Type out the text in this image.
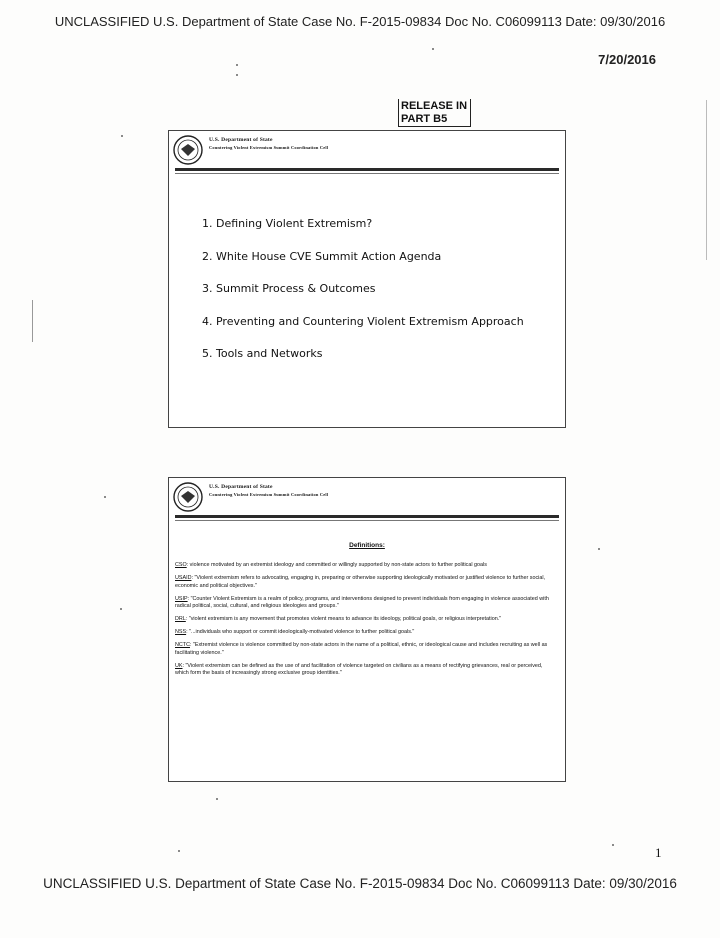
UNCLASSIFIED U.S. Department of State Case No. F-2015-09834 Doc No. C06099113 Date: 09/30/2016
7/20/2016
RELEASE IN
PART B5
U.S. Department of State
Countering Violent Extremism Summit Coordination Cell
1. Defining Violent Extremism?
2. White House CVE Summit Action Agenda
3. Summit Process & Outcomes
4. Preventing and Countering Violent Extremism Approach
5. Tools and Networks
U.S. Department of State
Countering Violent Extremism Summit Coordination Cell
Definitions:
CSO: violence motivated by an extremist ideology and committed or willingly supported by non-state actors to further political goals
USAID: "Violent extremism refers to advocating, engaging in, preparing or otherwise supporting ideologically motivated or justified violence to further social, economic and political objectives."
USIP: "Counter Violent Extremism is a realm of policy, programs, and interventions designed to prevent individuals from engaging in violence associated with radical political, social, cultural, and religious ideologies and groups."
DRL: "violent extremism is any movement that promotes violent means to advance its ideology, political goals, or religious interpretation."
NSS: "...individuals who support or commit ideologically-motivated violence to further political goals."
NCTC: "Extremist violence is violence committed by non-state actors in the name of a political, ethnic, or ideological cause and includes recruiting as well as facilitating violence."
UK: "Violent extremism can be defined as the use of and facilitation of violence targeted on civilians as a means of rectifying grievances, real or perceived, which form the basis of increasingly strong exclusive group identities."
1
UNCLASSIFIED U.S. Department of State Case No. F-2015-09834 Doc No. C06099113 Date: 09/30/2016
